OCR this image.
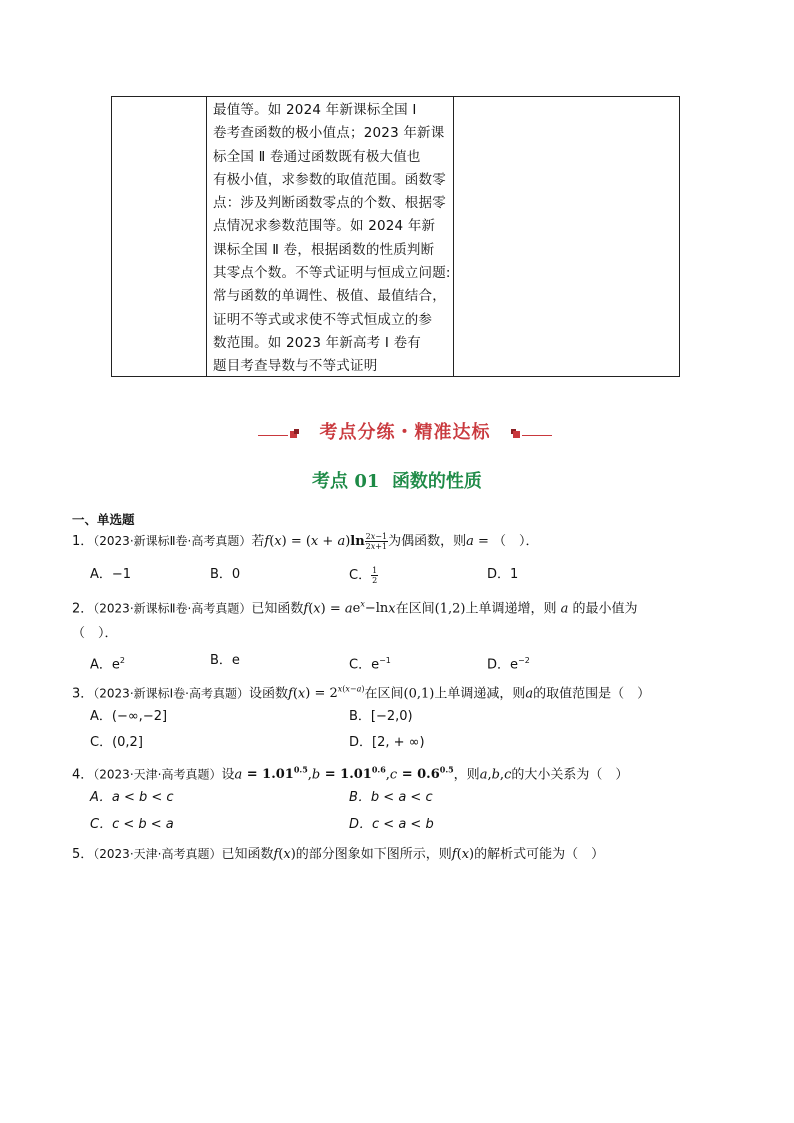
最值等。如 2024 年新课标全国 Ⅰ
卷考查函数的极小值点；2023 年新课
标全国 Ⅱ 卷通过函数既有极大值也
有极小值，求参数的取值范围。函数零
点：涉及判断函数零点的个数、根据零
点情况求参数范围等。如 2024 年新
课标全国 Ⅱ 卷，根据函数的性质判断
其零点个数。不等式证明与恒成立问题:
常与函数的单调性、极值、最值结合，
证明不等式或求使不等式恒成立的参
数范围。如 2023 年新高考 Ⅰ 卷有
题目考查导数与不等式证明
考点分练・精准达标
考点 01 函数的性质
一、单选题
1．（2023·新课标Ⅱ卷·高考真题）若$f(x) = (x + a)\ln \frac{2x-1}{2x+1}$ 为偶函数，则a = （　）．
A．−1	B．0	C． $\frac{1}{2}$	D．1
2．（2023·新课标Ⅱ卷·高考真题）已知函数$f(x) = ae^x-\ln x$在区间(1,2)上单调递增，则 a 的最小值为
（　）．
A．$e^2$	B．e	C．$e^{-1}$	D．$e^{-2}$
3．（2023·新课标Ⅰ卷·高考真题）设函数$f(x) = 2^{x(x-a)}$在区间(0,1)上单调递减，则a的取值范围是（　）
A．(−∞,−2]	B．[−2,0)
C．(0,2]	D．[2, + ∞)
4．（2023·天津·高考真题）设$a = 1.01^{0.5},b = 1.01^{0.6},c = 0.6^{0.5}$，则a,b,c的大小关系为（　）
A．a < b < c	B．b < a < c
C．c < b < a	D．c < a < b
5．（2023·天津·高考真题）已知函数f(x)的部分图象如下图所示，则f(x)的解析式可能为（　）
